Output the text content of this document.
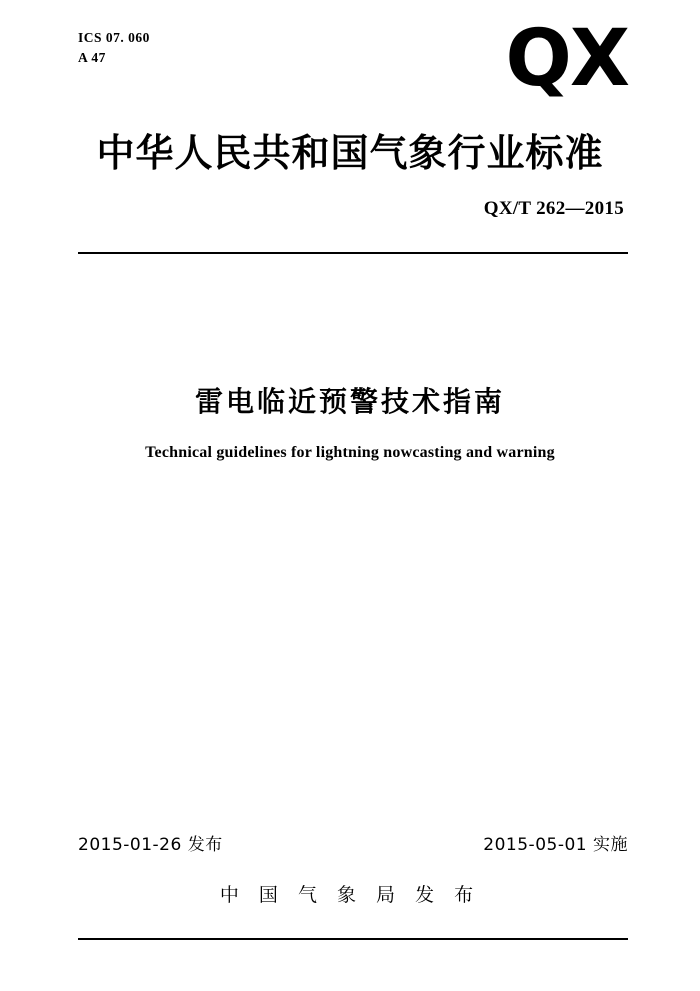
ICS 07. 060
A 47	QX
中华人民共和国气象行业标准
QX/T 262—2015
雷电临近预警技术指南
Technical guidelines for lightning nowcasting and warning
2015-01-26 发布	2015-05-01 实施
中 国 气 象 局 发 布
